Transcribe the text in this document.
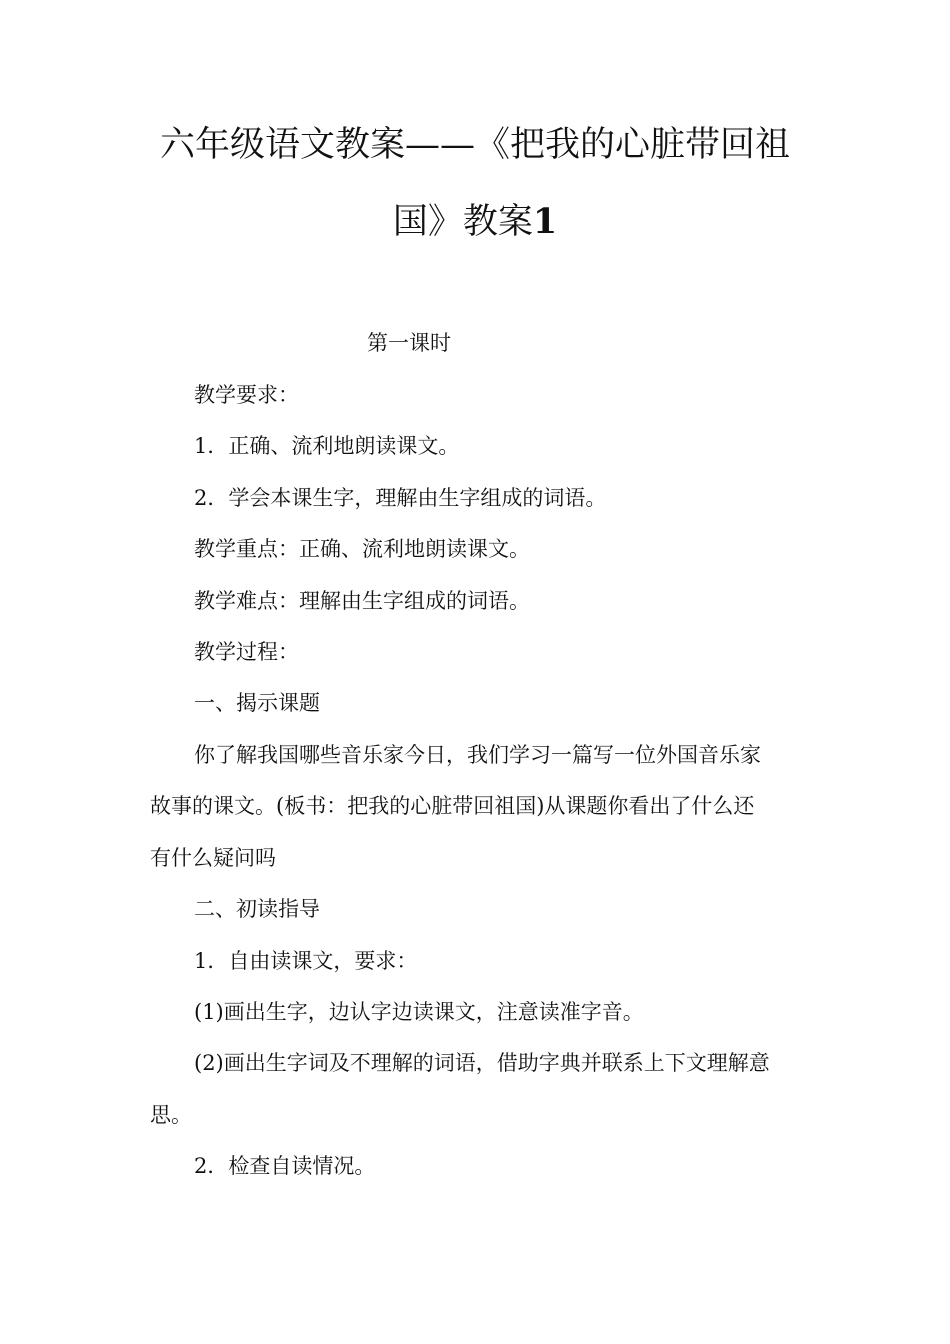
六年级语文教案——《把我的心脏带回祖
国》教案1
第一课时
教学要求：
1．正确、流利地朗读课文。
2．学会本课生字，理解由生字组成的词语。
教学重点：正确、流利地朗读课文。
教学难点：理解由生字组成的词语。
教学过程：
一、揭示课题
你了解我国哪些音乐家今日，我们学习一篇写一位外国音乐家
故事的课文。(板书：把我的心脏带回祖国)从课题你看出了什么还
有什么疑问吗
二、初读指导
1．自由读课文，要求：
(1)画出生字，边认字边读课文，注意读准字音。
(2)画出生字词及不理解的词语，借助字典并联系上下文理解意
思。
2．检查自读情况。
